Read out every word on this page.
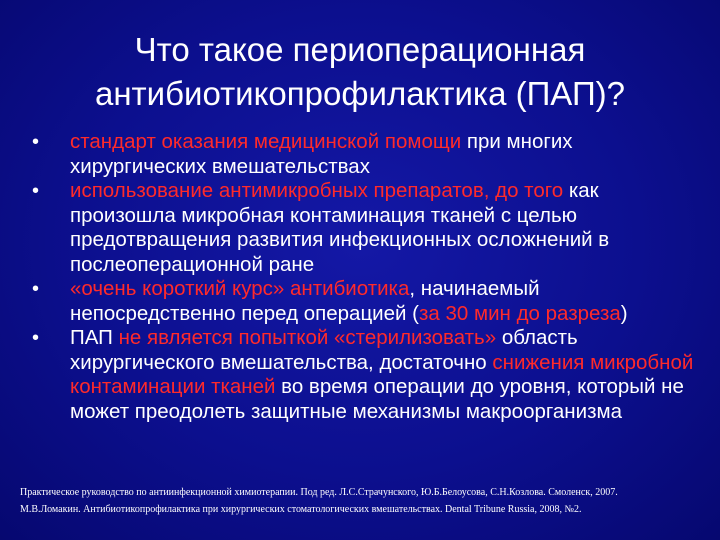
Что такое периоперационная
антибиотикопрофилактика (ПАП)?
•	стандарт оказания медицинской помощи при многих хирургических вмешательствах
•	использование антимикробных препаратов, до того как произошла микробная контаминация тканей с целью предотвращения развития инфекционных осложнений в послеоперационной ране
•	«очень короткий курс» антибиотика, начинаемый непосредственно перед операцией (за 30 мин до разреза)
•	ПАП не является попыткой «стерилизовать» область хирургического вмешательства, достаточно снижения микробной контаминации тканей во время операции до уровня, который не может преодолеть защитные механизмы макроорганизма
Практическое руководство по антиинфекционной химиотерапии. Под ред. Л.С.Страчунского, Ю.Б.Белоусова, С.Н.Козлова. Смоленск, 2007.
М.В.Ломакин. Антибиотикопрофилактика при хирургических стоматологических вмешательствах. Dental Tribune Russia, 2008, №2.
